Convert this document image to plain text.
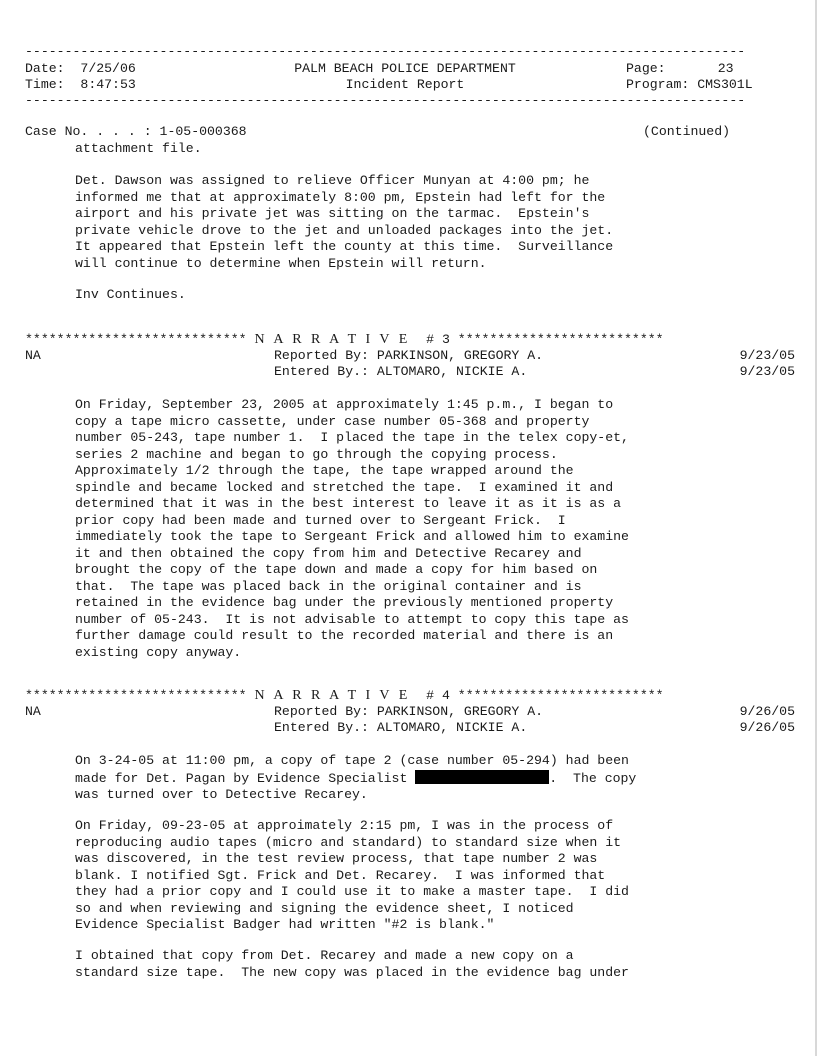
-------------------------------------------------------------------------------------------
Date: 7/25/06
Time: 8:47:53
PALM BEACH POLICE DEPARTMENT
Incident Report
Page:	23
Program: CMS301L
-------------------------------------------------------------------------------------------
Case No. . . . : 1-05-000368	(Continued)
attachment file.
Det. Dawson was assigned to relieve Officer Munyan at 4:00 pm; he
informed me that at approximately 8:00 pm, Epstein had left for the
airport and his private jet was sitting on the tarmac.  Epstein's
private vehicle drove to the jet and unloaded packages into the jet.
It appeared that Epstein left the county at this time.  Surveillance
will continue to determine when Epstein will return.
Inv Continues.
**************************** N A R R A T I V E # 3 **************************
NA	Reported By: PARKINSON, GREGORY A.	9/23/05
Entered By.: ALTOMARO, NICKIE A.	9/23/05
On Friday, September 23, 2005 at approximately 1:45 p.m., I began to
copy a tape micro cassette, under case number 05-368 and property
number 05-243, tape number 1.  I placed the tape in the telex copy-et,
series 2 machine and began to go through the copying process.
Approximately 1/2 through the tape, the tape wrapped around the
spindle and became locked and stretched the tape.  I examined it and
determined that it was in the best interest to leave it as it is as a
prior copy had been made and turned over to Sergeant Frick.  I
immediately took the tape to Sergeant Frick and allowed him to examine
it and then obtained the copy from him and Detective Recarey and
brought the copy of the tape down and made a copy for him based on
that.  The tape was placed back in the original container and is
retained in the evidence bag under the previously mentioned property
number of 05-243.  It is not advisable to attempt to copy this tape as
further damage could result to the recorded material and there is an
existing copy anyway.
**************************** N A R R A T I V E # 4 **************************
NA	Reported By: PARKINSON, GREGORY A.	9/26/05
Entered By.: ALTOMARO, NICKIE A.	9/26/05
On 3-24-05 at 11:00 pm, a copy of tape 2 (case number 05-294) had been
made for Det. Pagan by Evidence Specialist	.  The copy
was turned over to Detective Recarey.
On Friday, 09-23-05 at approimately 2:15 pm, I was in the process of
reproducing audio tapes (micro and standard) to standard size when it
was discovered, in the test review process, that tape number 2 was
blank. I notified Sgt. Frick and Det. Recarey.  I was informed that
they had a prior copy and I could use it to make a master tape.  I did
so and when reviewing and signing the evidence sheet, I noticed
Evidence Specialist Badger had written "#2 is blank."
I obtained that copy from Det. Recarey and made a new copy on a
standard size tape.  The new copy was placed in the evidence bag under
